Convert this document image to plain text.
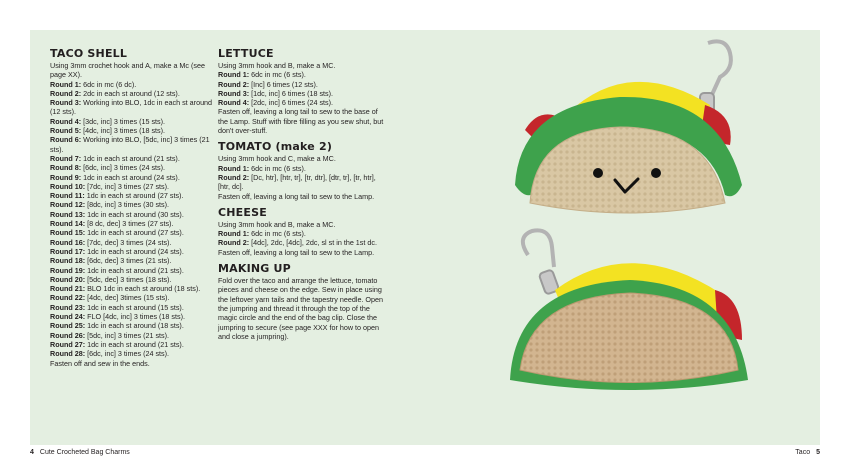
TACO SHELL

Using 3mm crochet hook and A, make a Mc (see page XX).

Round 1: 6dc in mc (6 dc).

Round 2: 2dc in each st around (12 sts).

Round 3: Working into BLO, 1dc in each st around (12 sts).

Round 4: [3dc, inc] 3 times (15 sts).

Round 5: [4dc, inc] 3 times (18 sts).

Round 6: Working into BLO, [5dc, inc] 3 times (21 sts).

Round 7: 1dc in each st around (21 sts).

Round 8: [6dc, inc] 3 times (24 sts).

Round 9: 1dc in each st around (24 sts).

Round 10: [7dc, inc] 3 times (27 sts).

Round 11: 1dc in each st around (27 sts).

Round 12: [8dc, inc] 3 times (30 sts).

Round 13: 1dc in each st around (30 sts).

Round 14: [8 dc, dec] 3 times (27 sts).

Round 15: 1dc in each st around (27 sts).

Round 16: [7dc, dec] 3 times (24 sts).

Round 17: 1dc in each st around (24 sts).

Round 18: [6dc, dec] 3 times (21 sts).

Round 19: 1dc in each st around (21 sts).

Round 20: [5dc, dec] 3 times (18 sts).

Round 21: BLO 1dc in each st around (18 sts).

Round 22: [4dc, dec] 3times (15 sts).

Round 23: 1dc in each st around (15 sts).

Round 24: FLO [4dc, inc] 3 times (18 sts).

Round 25: 1dc in each st around (18 sts).

Round 26: [5dc, inc] 3 times (21 sts).

Round 27: 1dc in each st around (21 sts).

Round 28: [6dc, inc] 3 times (24 sts).

Fasten off and sew in the ends.

LETTUCE

Using 3mm hook and B, make a MC.

Round 1: 6dc in mc (6 sts).

Round 2: [Inc] 6 times (12 sts).

Round 3: [1dc, inc] 6 times (18 sts).

Round 4: [2dc, inc] 6 times (24 sts).

Fasten off, leaving a long tail to sew to the base of the Lamp. Stuff with fibre filling as you sew shut, but don't over-stuff.

TOMATO (make 2)

Using 3mm hook and C, make a MC.

Round 1: 6dc in mc (6 sts).

Round 2: [Dc, htr], [htr, tr], [tr, dtr], [dtr, tr], [tr, htr], [htr, dc].

Fasten off, leaving a long tail to sew to the Lamp.

CHEESE

Using 3mm hook and B, make a MC.

Round 1: 6dc in mc (6 sts).

Round 2: [4dc], 2dc, [4dc], 2dc, sl st in the 1st dc.

Fasten off, leaving a long tail to sew to the Lamp.

MAKING UP

Fold over the taco and arrange the lettuce, tomato pieces and cheese on the edge. Sew in place using the leftover yarn tails and the tapestry needle. Open the jumpring and thread it through the top of the magic circle and the end of the bag clip. Close the jumpring to secure (see page XXX for how to open and close a jumpring).

4 Cute Crocheted Bag Charms	Taco 5
